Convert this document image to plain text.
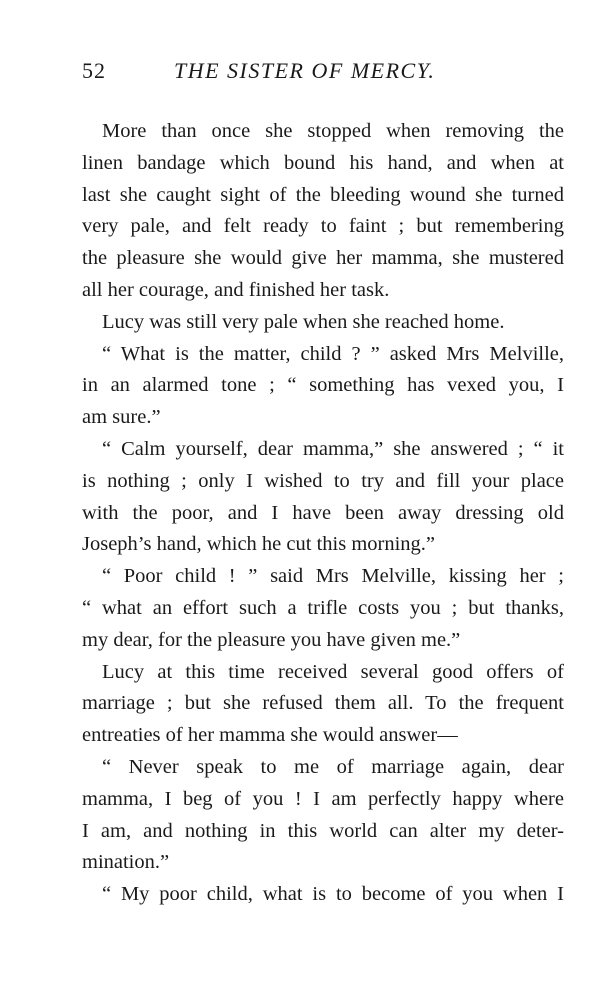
52	THE SISTER OF MERCY.
More than once she stopped when removing the
linen bandage which bound his hand, and when at
last she caught sight of the bleeding wound she turned
very pale, and felt ready to faint ; but remembering
the pleasure she would give her mamma, she mustered
all her courage, and finished her task.
Lucy was still very pale when she reached home.
“ What is the matter, child ? ” asked Mrs Melville,
in an alarmed tone ; “ something has vexed you, I
am sure.”
“ Calm yourself, dear mamma,” she answered ; “ it
is nothing ; only I wished to try and fill your place
with the poor, and I have been away dressing old
Joseph’s hand, which he cut this morning.”
“ Poor child ! ” said Mrs Melville, kissing her ;
“ what an effort such a trifle costs you ; but thanks,
my dear, for the pleasure you have given me.”
Lucy at this time received several good offers of
marriage ; but she refused them all. To the frequent
entreaties of her mamma she would answer—
“ Never speak to me of marriage again, dear
mamma, I beg of you ! I am perfectly happy where
I am, and nothing in this world can alter my deter-
mination.”
“ My poor child, what is to become of you when I
